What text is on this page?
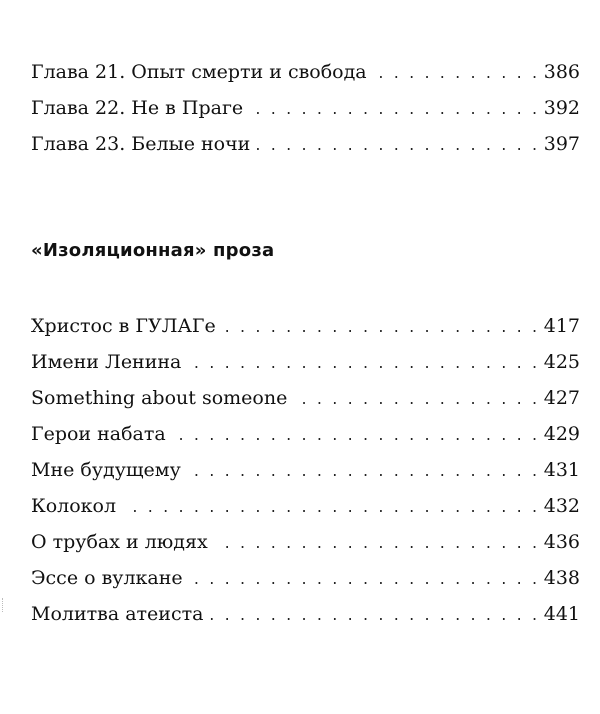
Глава 21. Опыт смерти и свобода . . .	386
Глава 22. Не в Праге . . .	392
Глава 23. Белые ночи . . .	397
«Изоляционная» проза
Христос в ГУЛАГе . . .	417
Имени Ленина . . .	425
Something about someone . . .	427
Герои набата . . .	429
Мне будущему . . .	431
Колокол . . .	432
О трубах и людях . . .	436
Эссе о вулкане . . .	438
Молитва атеиста . . .	441
